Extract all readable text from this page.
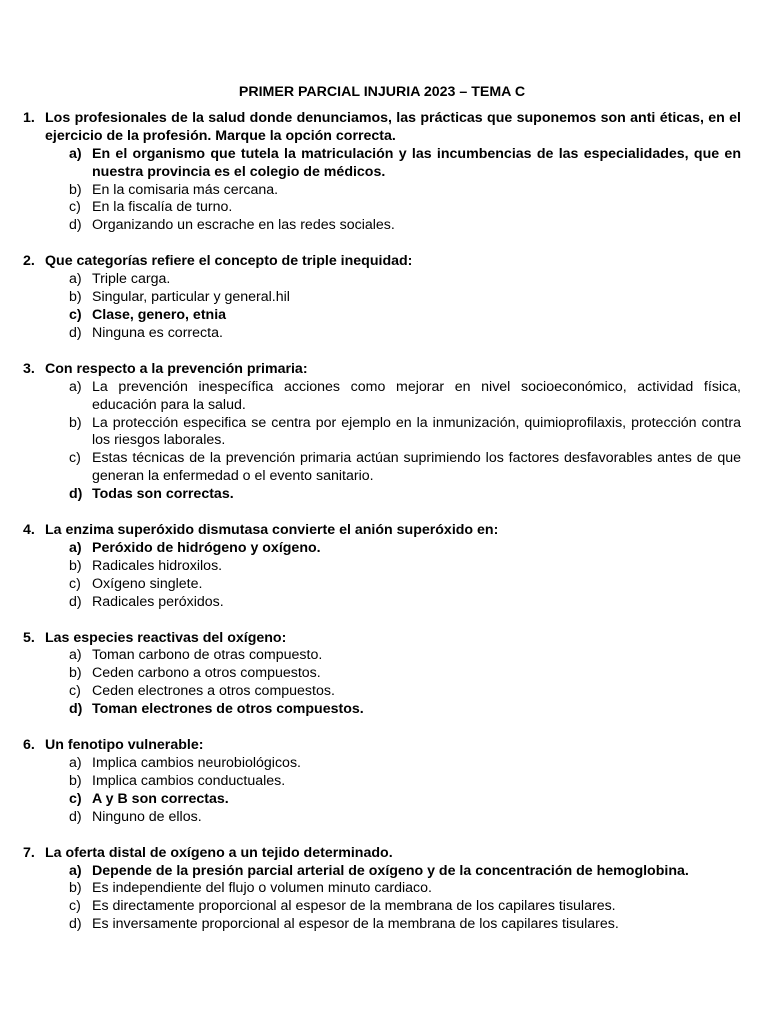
PRIMER PARCIAL INJURIA 2023 – TEMA C
1. Los profesionales de la salud donde denunciamos, las prácticas que suponemos son anti éticas, en el ejercicio de la profesión. Marque la opción correcta.
a) En el organismo que tutela la matriculación y las incumbencias de las especialidades, que en nuestra provincia es el colegio de médicos.
b) En la comisaria más cercana.
c) En la fiscalía de turno.
d) Organizando un escrache en las redes sociales.
2. Que categorías refiere el concepto de triple inequidad:
a) Triple carga.
b) Singular, particular y general.hil
c) Clase, genero, etnia
d) Ninguna es correcta.
3. Con respecto a la prevención primaria:
a) La prevención inespecífica acciones como mejorar en nivel socioeconómico, actividad física, educación para la salud.
b) La protección especifica se centra por ejemplo en la inmunización, quimioprofilaxis, protección contra los riesgos laborales.
c) Estas técnicas de la prevención primaria actúan suprimiendo los factores desfavorables antes de que generan la enfermedad o el evento sanitario.
d) Todas son correctas.
4. La enzima superóxido dismutasa convierte el anión superóxido en:
a) Peróxido de hidrógeno y oxígeno.
b) Radicales hidroxilos.
c) Oxígeno singlete.
d) Radicales peróxidos.
5. Las especies reactivas del oxígeno:
a) Toman carbono de otras compuesto.
b) Ceden carbono a otros compuestos.
c) Ceden electrones a otros compuestos.
d) Toman electrones de otros compuestos.
6. Un fenotipo vulnerable:
a) Implica cambios neurobiológicos.
b) Implica cambios conductuales.
c) A y B son correctas.
d) Ninguno de ellos.
7. La oferta distal de oxígeno a un tejido determinado.
a) Depende de la presión parcial arterial de oxígeno y de la concentración de hemoglobina.
b) Es independiente del flujo o volumen minuto cardiaco.
c) Es directamente proporcional al espesor de la membrana de los capilares tisulares.
d) Es inversamente proporcional al espesor de la membrana de los capilares tisulares.
